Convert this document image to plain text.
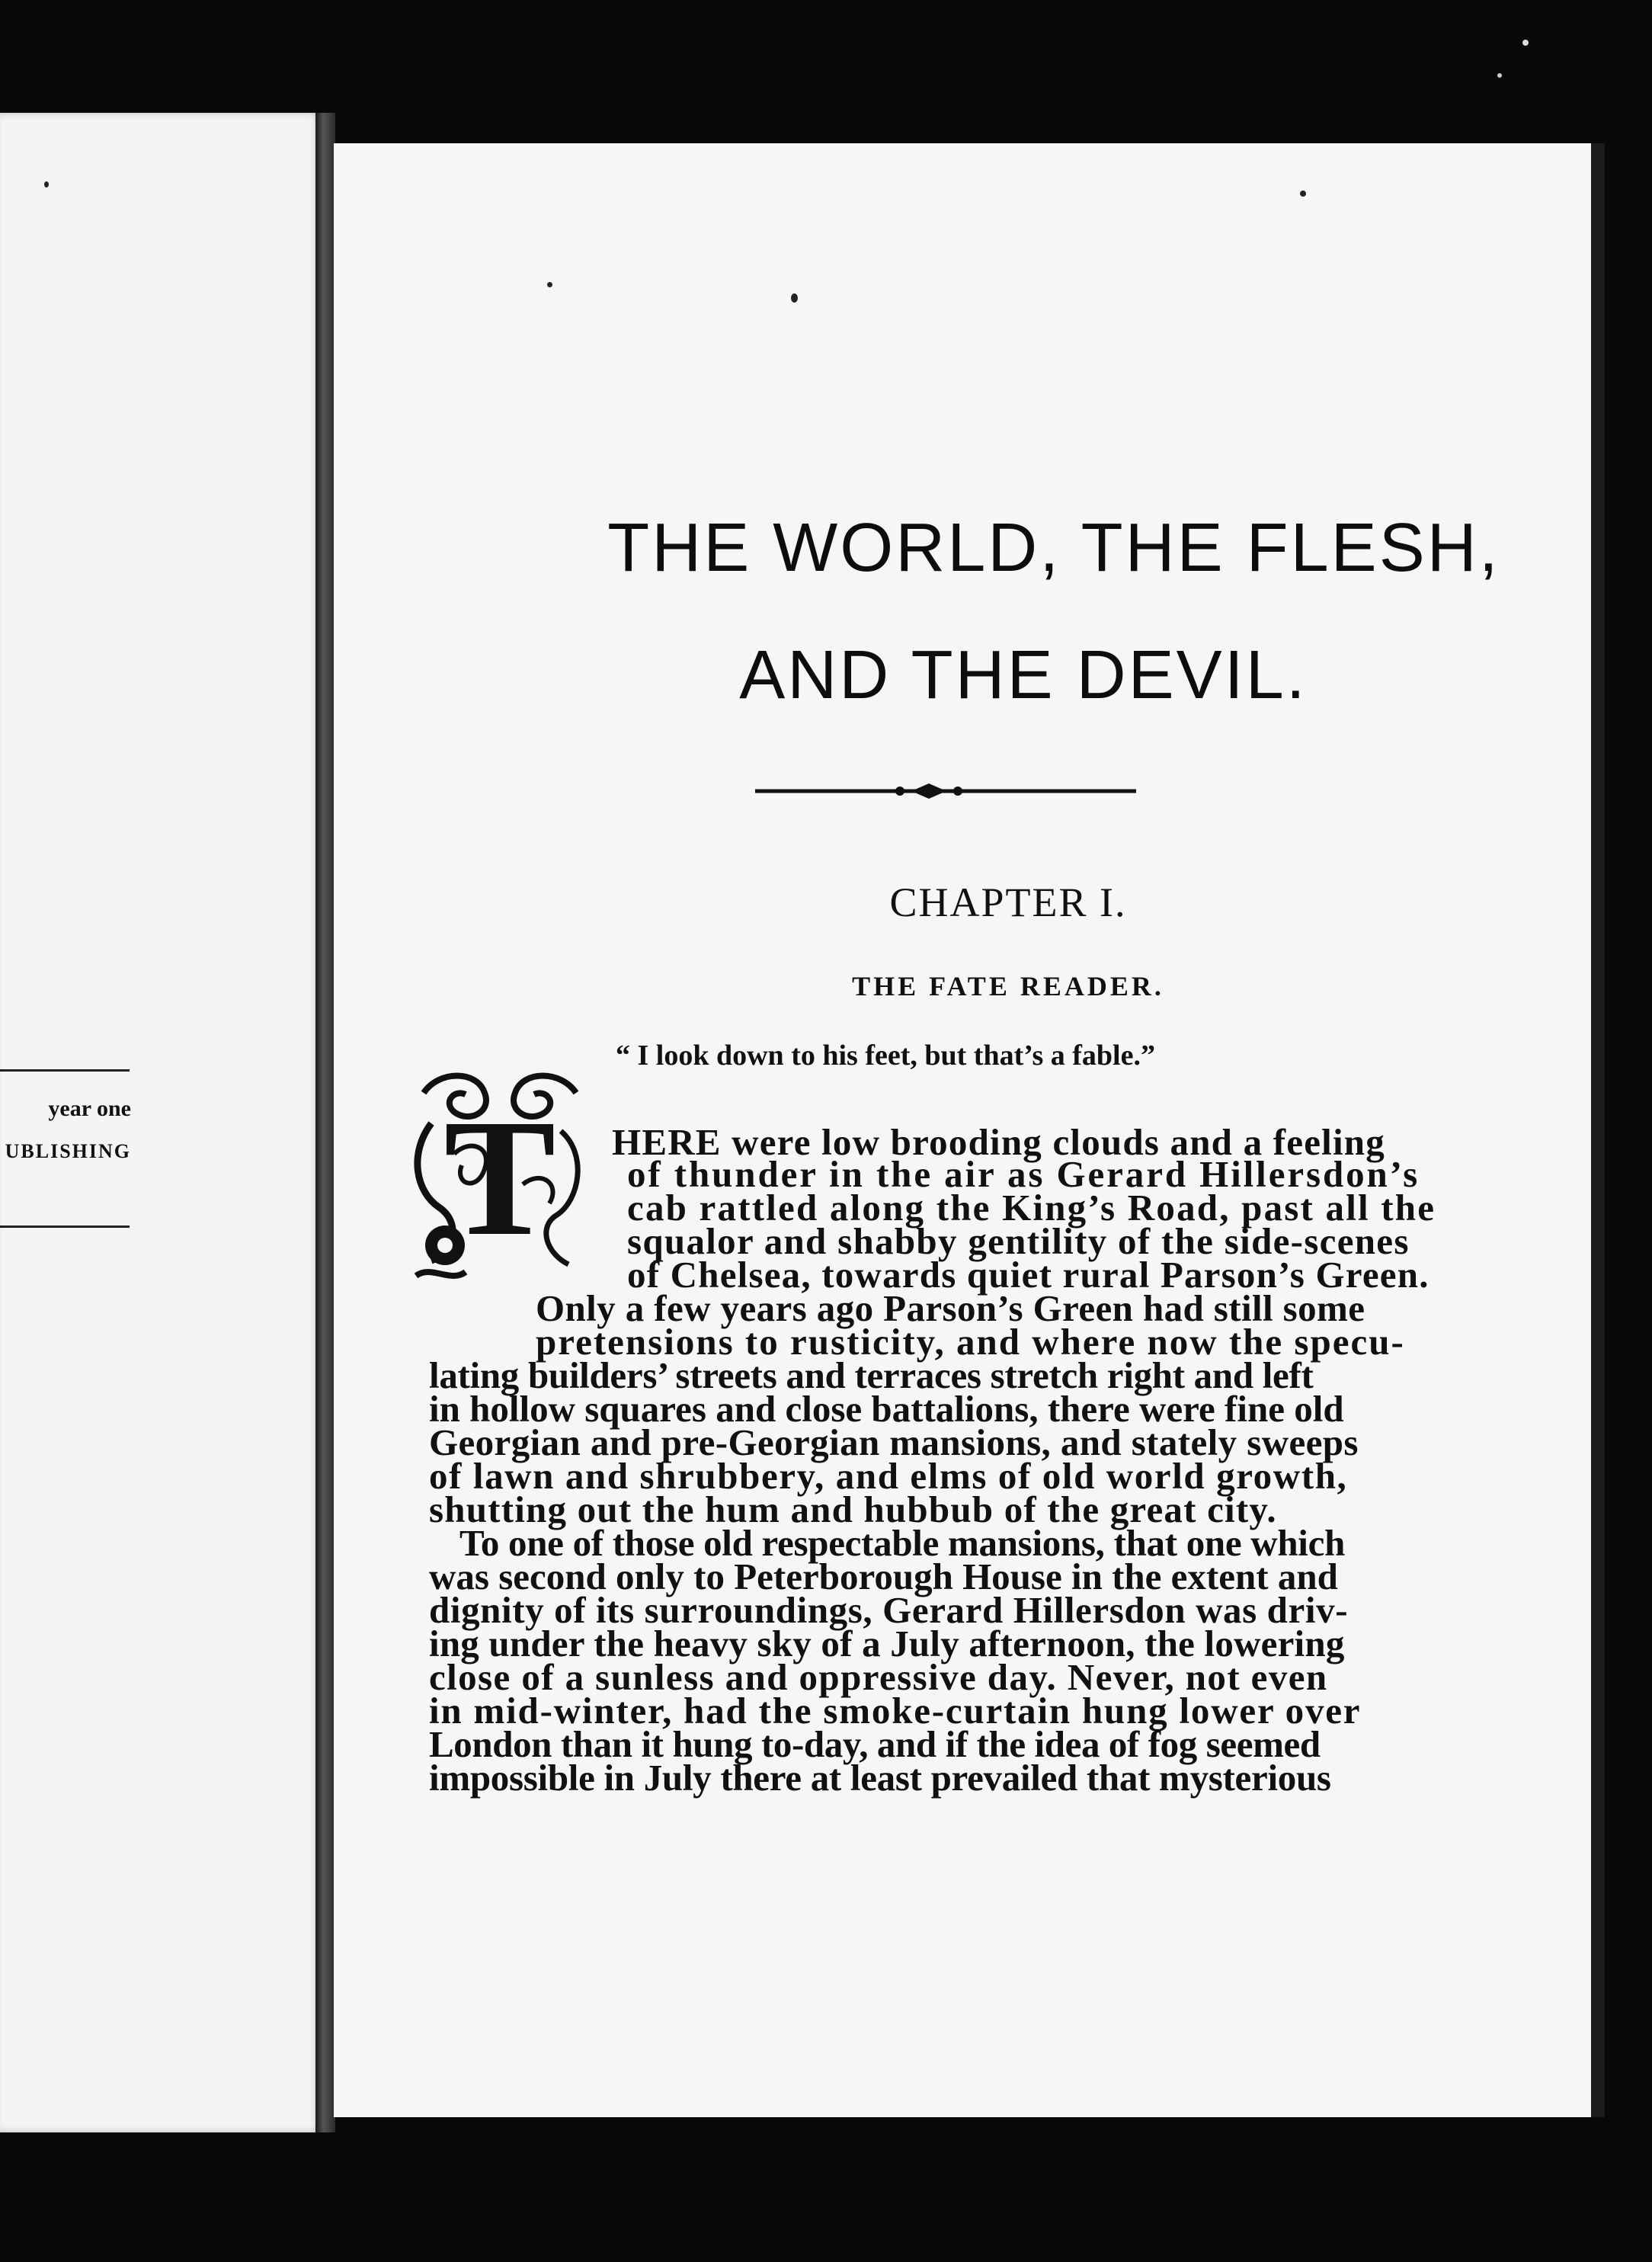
year one
UBLISHING
THE WORLD, THE FLESH,
AND THE DEVIL.
CHAPTER I.
THE FATE READER.
“ I look down to his feet, but that’s a fable.”
T HERE were low brooding clouds and a feeling
of thunder in the air as Gerard Hillersdon’s
cab rattled along the King’s Road, past all the
squalor and shabby gentility of the side-scenes
of Chelsea, towards quiet rural Parson’s Green.
Only a few years ago Parson’s Green had still some
pretensions to rusticity, and where now the specu-
lating builders’ streets and terraces stretch right and left
in hollow squares and close battalions, there were fine old
Georgian and pre-Georgian mansions, and stately sweeps
of lawn and shrubbery, and elms of old world growth,
shutting out the hum and hubbub of the great city.
To one of those old respectable mansions, that one which
was second only to Peterborough House in the extent and
dignity of its surroundings, Gerard Hillersdon was driv-
ing under the heavy sky of a July afternoon, the lowering
close of a sunless and oppressive day. Never, not even
in mid-winter, had the smoke-curtain hung lower over
London than it hung to-day, and if the idea of fog seemed
impossible in July there at least prevailed that mysterious
